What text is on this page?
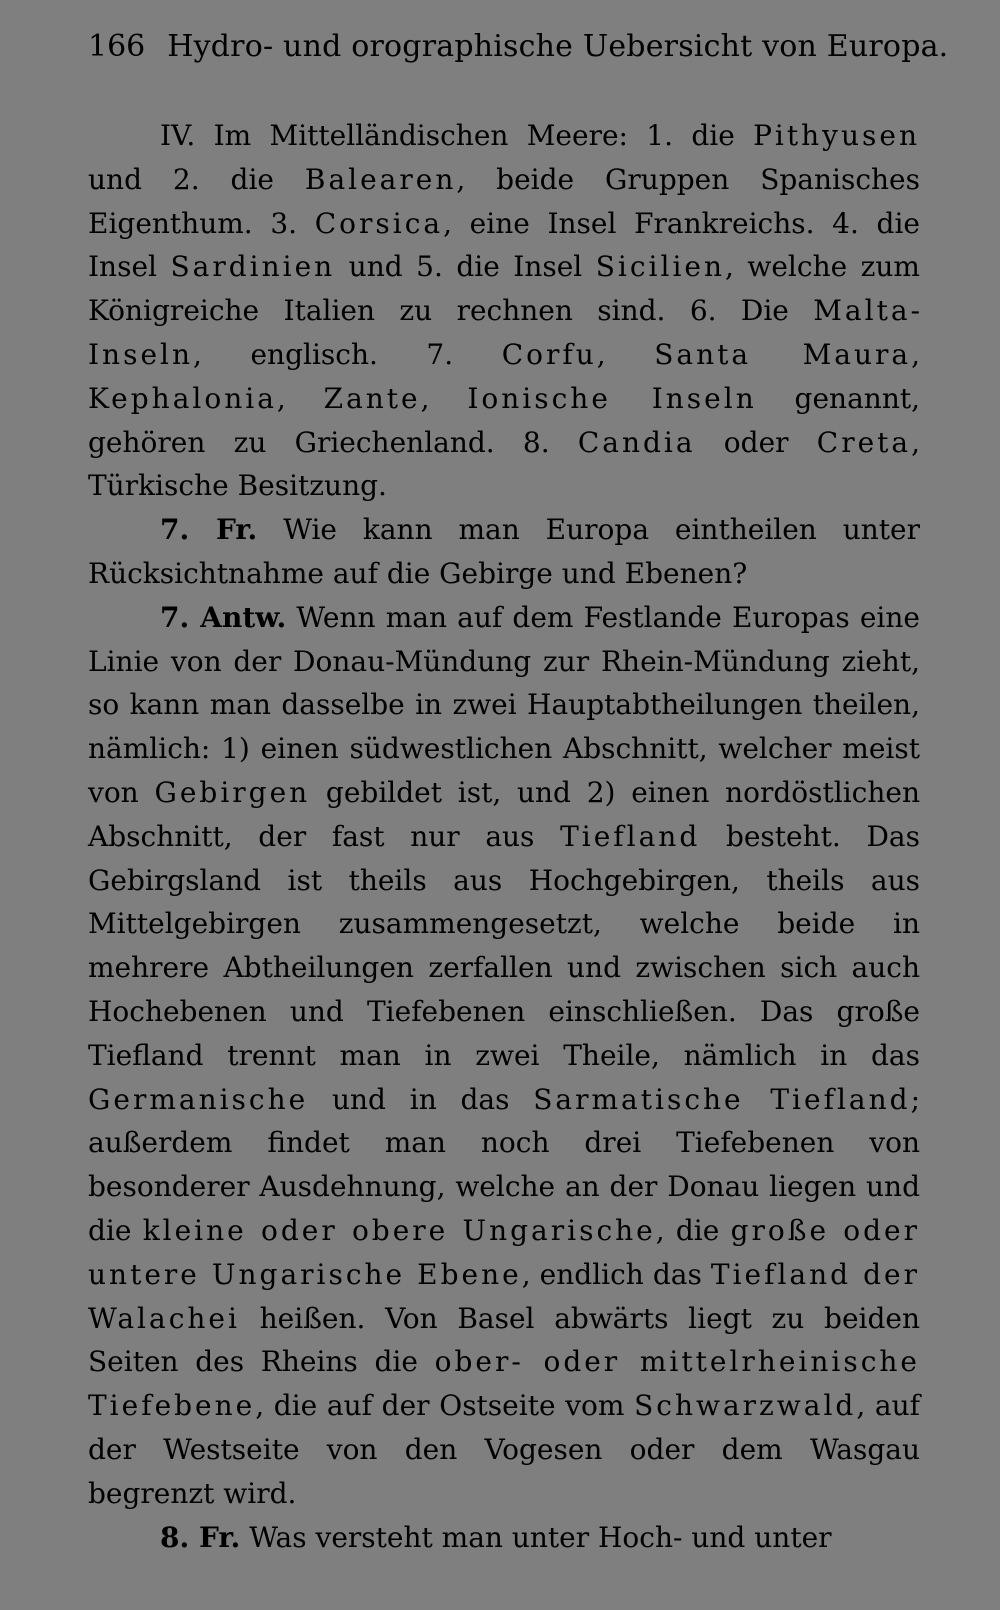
166 Hydro- und orographische Uebersicht von Europa.

IV. Im Mittelländischen Meere: 1. die Pithyusen und 2. die Balearen, beide Gruppen Spanisches Eigenthum. 3. Corsica, eine Insel Frankreichs. 4. die Insel Sardinien und 5. die Insel Sicilien, welche zum Königreiche Italien zu rechnen sind. 6. Die Malta-Inseln, englisch. 7. Corfu, Santa Maura, Kephalonia, Zante, Ionische Inseln genannt, gehören zu Griechenland. 8. Candia oder Creta, Türkische Besitzung.

7. Fr. Wie kann man Europa eintheilen unter Rücksichtnahme auf die Gebirge und Ebenen?

7. Antw. Wenn man auf dem Festlande Europas eine Linie von der Donau-Mündung zur Rhein-Mündung zieht, so kann man dasselbe in zwei Hauptabtheilungen theilen, nämlich: 1) einen südwestlichen Abschnitt, welcher meist von Gebirgen gebildet ist, und 2) einen nordöstlichen Abschnitt, der fast nur aus Tiefland besteht. Das Gebirgsland ist theils aus Hochgebirgen, theils aus Mittelgebirgen zusammengesetzt, welche beide in mehrere Abtheilungen zerfallen und zwischen sich auch Hochebenen und Tiefebenen einschließen. Das große Tiefland trennt man in zwei Theile, nämlich in das Germanische und in das Sarmatische Tiefland; außerdem findet man noch drei Tiefebenen von besonderer Ausdehnung, welche an der Donau liegen und die kleine oder obere Ungarische, die große oder untere Ungarische Ebene, endlich das Tiefland der Walachei heißen. Von Basel abwärts liegt zu beiden Seiten des Rheins die ober- oder mittelrheinische Tiefebene, die auf der Ostseite vom Schwarzwald, auf der Westseite von den Vogesen oder dem Wasgau begrenzt wird.

8. Fr. Was versteht man unter Hoch- und unter
